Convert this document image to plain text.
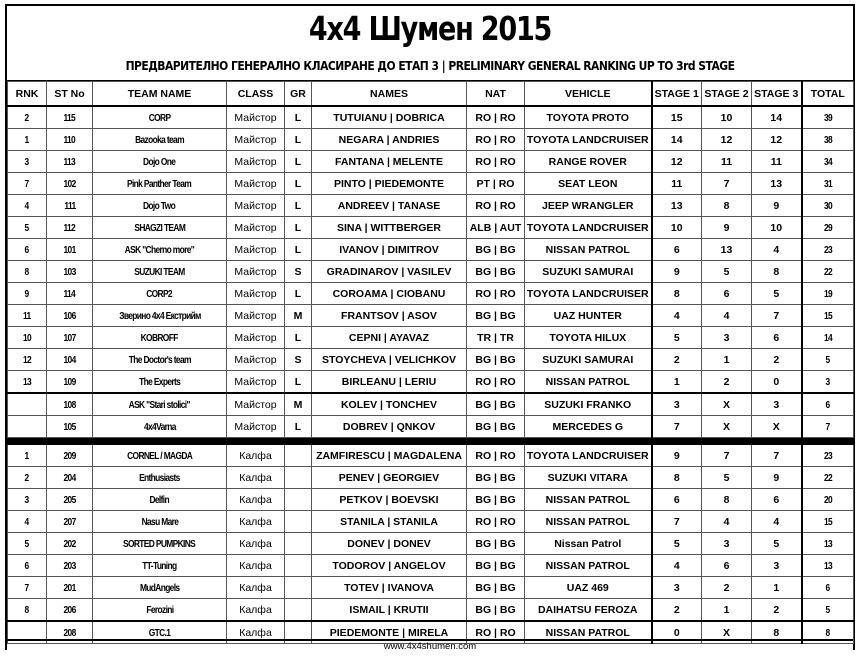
4x4 Шумен 2015
ПРЕДВАРИТЕЛНО ГЕНЕРАЛНО КЛАСИРАНЕ ДО ЕТАП 3 | PRELIMINARY GENERAL RANKING UP TO 3rd STAGE
RNK	ST No	TEAM NAME	CLASS	GR	NAMES	NAT	VEHICLE	STAGE 1	STAGE 2	STAGE 3	TOTAL
2	115	CORP	Майстор	L	TUTUIANU | DOBRICA	RO | RO	TOYOTA PROTO	15	10	14	39
1	110	Bazooka team	Майстор	L	NEGARA | ANDRIES	RO | RO	TOYOTA LANDCRUISER	14	12	12	38
3	113	Dojo One	Майстор	L	FANTANA | MELENTE	RO | RO	RANGE ROVER	12	11	11	34
7	102	Pink Panther Team	Майстор	L	PINTO | PIEDEMONTE	PT | RO	SEAT LEON	11	7	13	31
4	111	Dojo Two	Майстор	L	ANDREEV | TANASE	RO | RO	JEEP WRANGLER	13	8	9	30
5	112	SHAGZI TEAM	Майстор	L	SINA | WITTBERGER	ALB | AUT	TOYOTA LANDCRUISER	10	9	10	29
6	101	ASK "Cherno more"	Майстор	L	IVANOV | DIMITROV	BG | BG	NISSAN PATROL	6	13	4	23
8	103	SUZUKI TEAM	Майстор	S	GRADINAROV | VASILEV	BG | BG	SUZUKI SAMURAI	9	5	8	22
9	114	CORP2	Майстор	L	COROAMA | CIOBANU	RO | RO	TOYOTA LANDCRUISER	8	6	5	19
11	106	Зверино 4x4 Екстрийм	Майстор	M	FRANTSOV | ASOV	BG | BG	UAZ HUNTER	4	4	7	15
10	107	KOBROFF	Майстор	L	CEPNI | AYAVAZ	TR | TR	TOYOTA HILUX	5	3	6	14
12	104	The Doctor's team	Майстор	S	STOYCHEVA | VELICHKOV	BG | BG	SUZUKI SAMURAI	2	1	2	5
13	109	The Experts	Майстор	L	BIRLEANU | LERIU	RO | RO	NISSAN PATROL	1	2	0	3
	108	ASK "Stari stolici"	Майстор	M	KOLEV | TONCHEV	BG | BG	SUZUKI FRANKO	3	X	3	6
	105	4x4Varna	Майстор	L	DOBREV | QNKOV	BG | BG	MERCEDES G	7	X	X	7

1	209	CORNEL / MAGDA	Калфа		ZAMFIRESCU | MAGDALENA	RO | RO	TOYOTA LANDCRUISER	9	7	7	23
2	204	Enthusiasts	Калфа		PENEV | GEORGIEV	BG | BG	SUZUKI VITARA	8	5	9	22
3	205	Delfin	Калфа		PETKOV | BOEVSKI	BG | BG	NISSAN PATROL	6	8	6	20
4	207	Nasu Mare	Калфа		STANILA | STANILA	RO | RO	NISSAN PATROL	7	4	4	15
5	202	SORTED PUMPKINS	Калфа		DONEV | DONEV	BG | BG	Nissan Patrol	5	3	5	13
6	203	TT-Tuning	Калфа		TODOROV | ANGELOV	BG | BG	NISSAN PATROL	4	6	3	13
7	201	MudAngels	Калфа		TOTEV | IVANOVA	BG | BG	UAZ 469	3	2	1	6
8	206	Ferozini	Калфа		ISMAIL | KRUTII	BG | BG	DAIHATSU FEROZA	2	1	2	5
	208	GTC.1	Калфа		PIEDEMONTE | MIRELA	RO | RO	NISSAN PATROL	0	X	8	8
www.4x4shumen.com
